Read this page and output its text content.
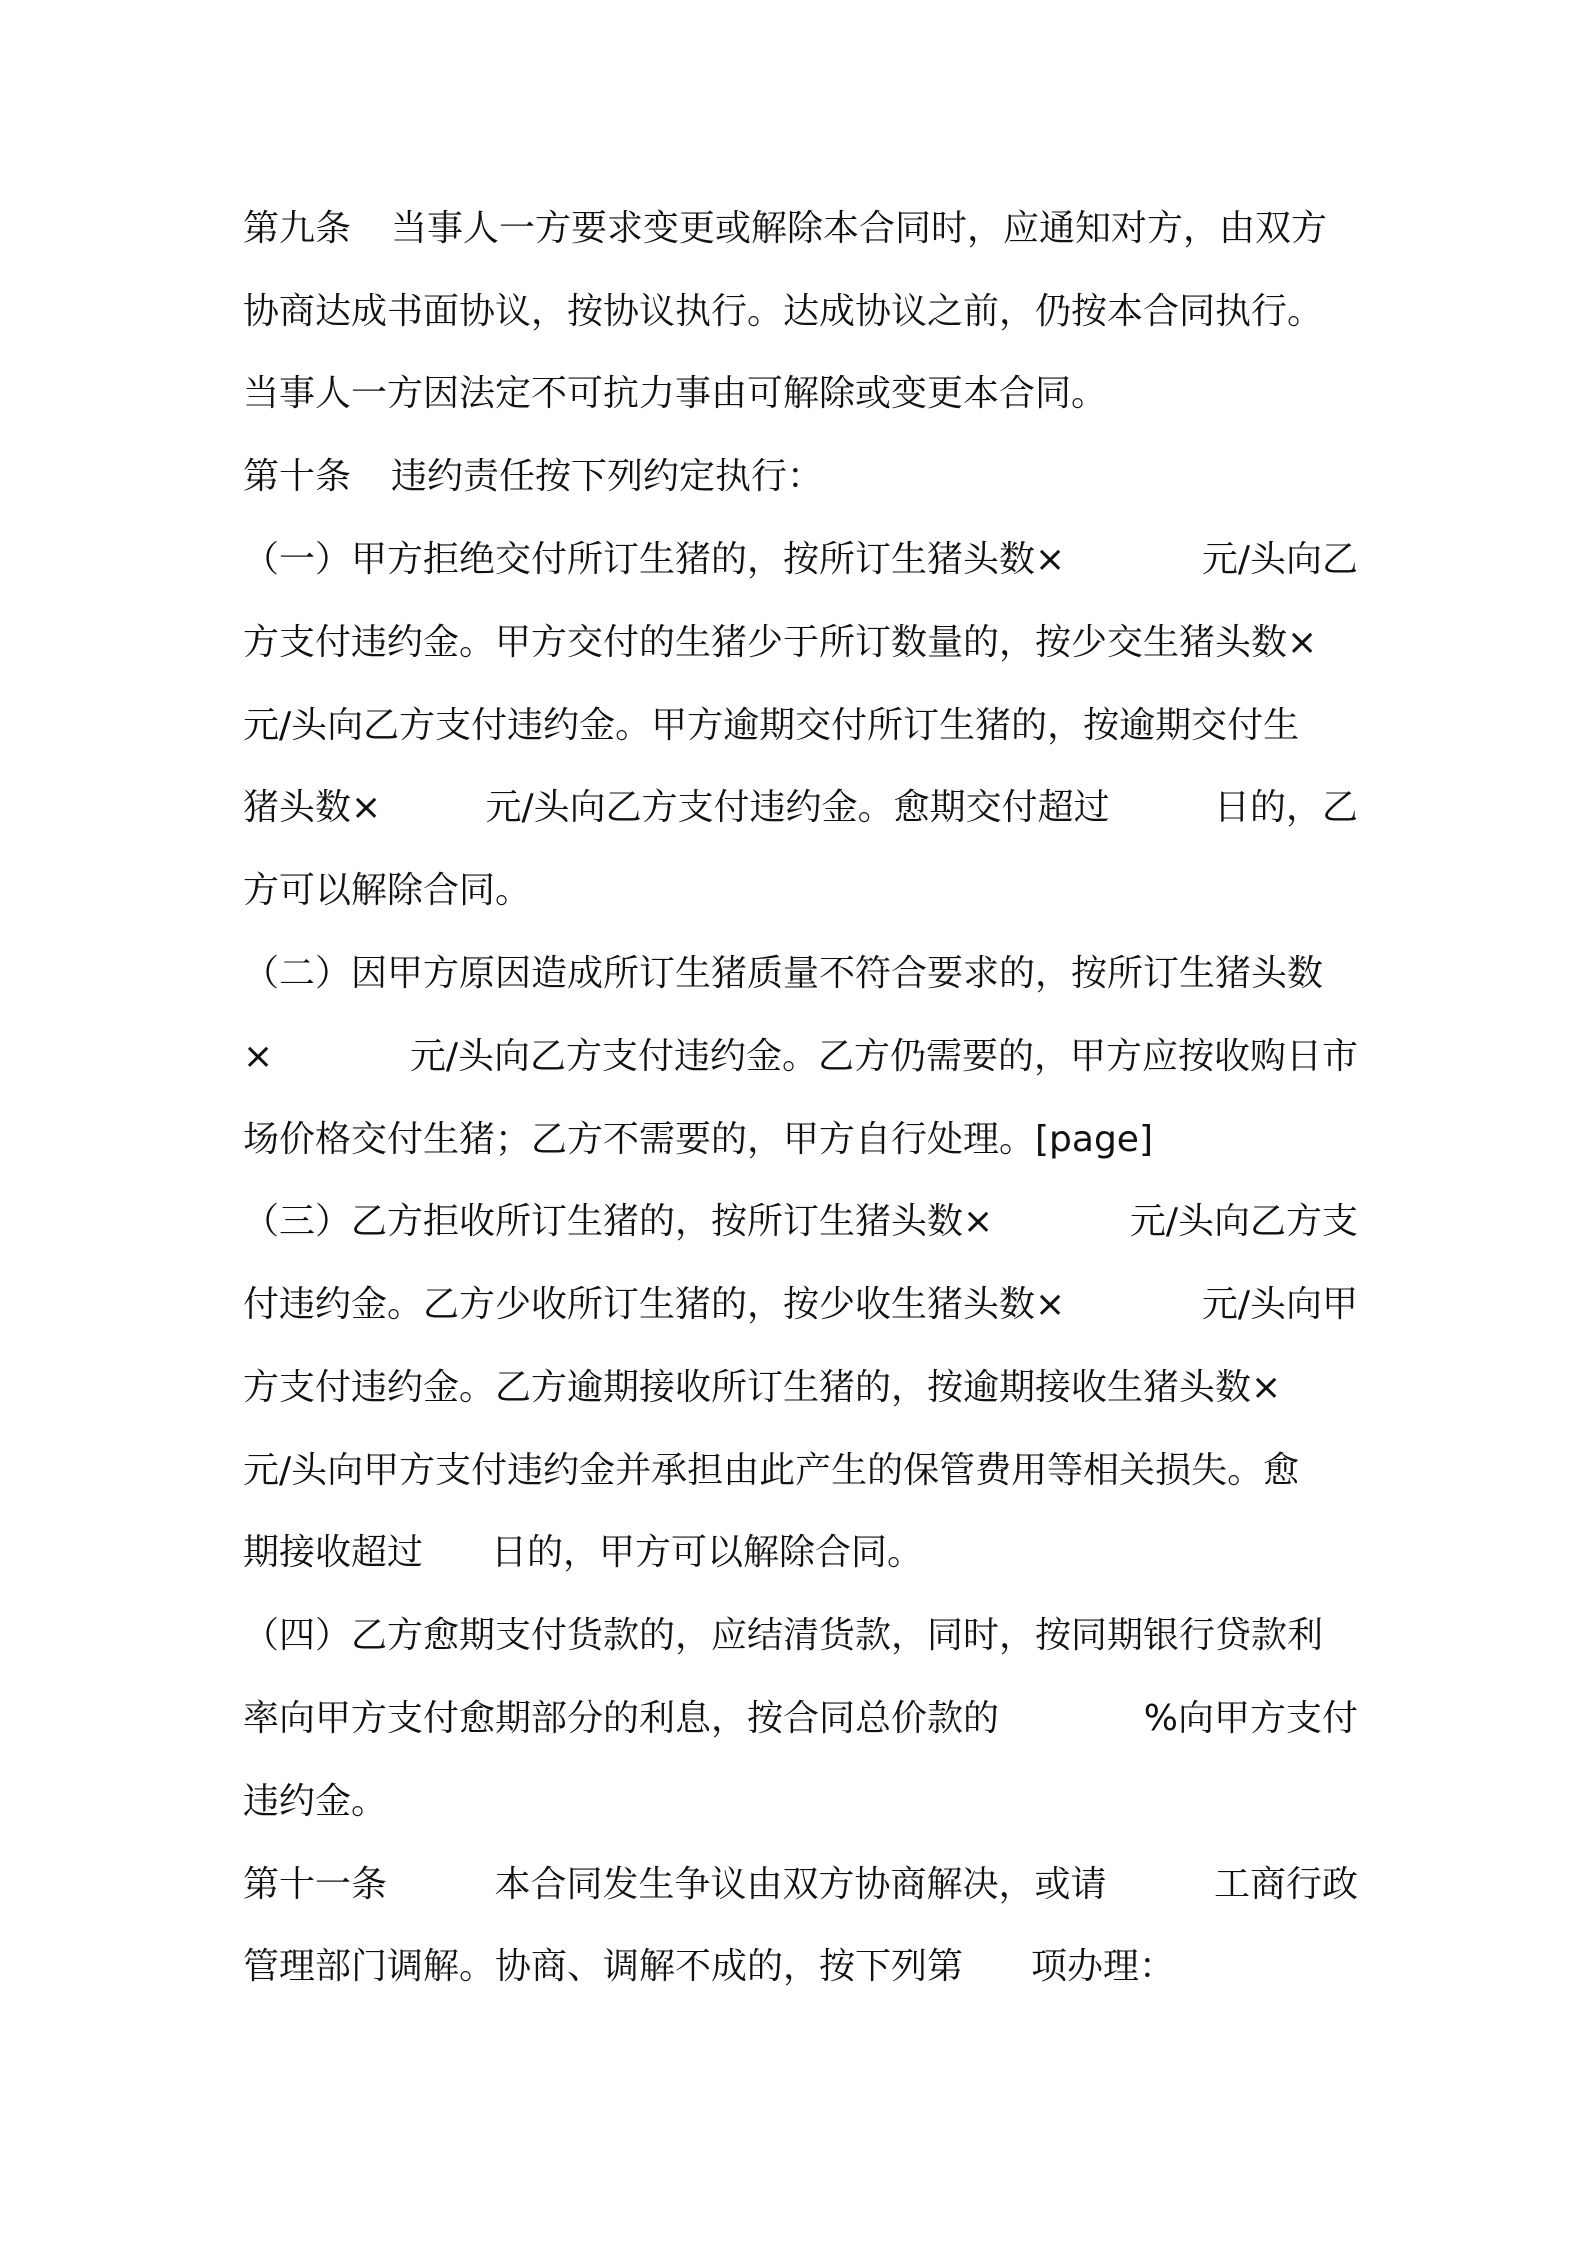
第九条 当事人一方要求变更或解除本合同时，应通知对方，由双方
协商达成书面协议，按协议执行。达成协议之前，仍按本合同执行。
当事人一方因法定不可抗力事由可解除或变更本合同。
第十条 违约责任按下列约定执行：
（一）甲方拒绝交付所订生猪的，按所订生猪头数×	元/头向乙
方支付违约金。甲方交付的生猪少于所订数量的，按少交生猪头数×
元/头向乙方支付违约金。甲方逾期交付所订生猪的，按逾期交付生
猪头数×	元/头向乙方支付违约金。愈期交付超过	日的，乙
方可以解除合同。
（二）因甲方原因造成所订生猪质量不符合要求的，按所订生猪头数
×	元/头向乙方支付违约金。乙方仍需要的，甲方应按收购日市
场价格交付生猪；乙方不需要的，甲方自行处理。[page]
（三）乙方拒收所订生猪的，按所订生猪头数×	元/头向乙方支
付违约金。乙方少收所订生猪的，按少收生猪头数×	元/头向甲
方支付违约金。乙方逾期接收所订生猪的，按逾期接收生猪头数×
元/头向甲方支付违约金并承担由此产生的保管费用等相关损失。愈
期接收超过 日的，甲方可以解除合同。
（四）乙方愈期支付货款的，应结清货款，同时，按同期银行贷款利
率向甲方支付愈期部分的利息，按合同总价款的	%向甲方支付
违约金。
第十一条	本合同发生争议由双方协商解决，或请	工商行政
管理部门调解。协商、调解不成的，按下列第 项办理：
